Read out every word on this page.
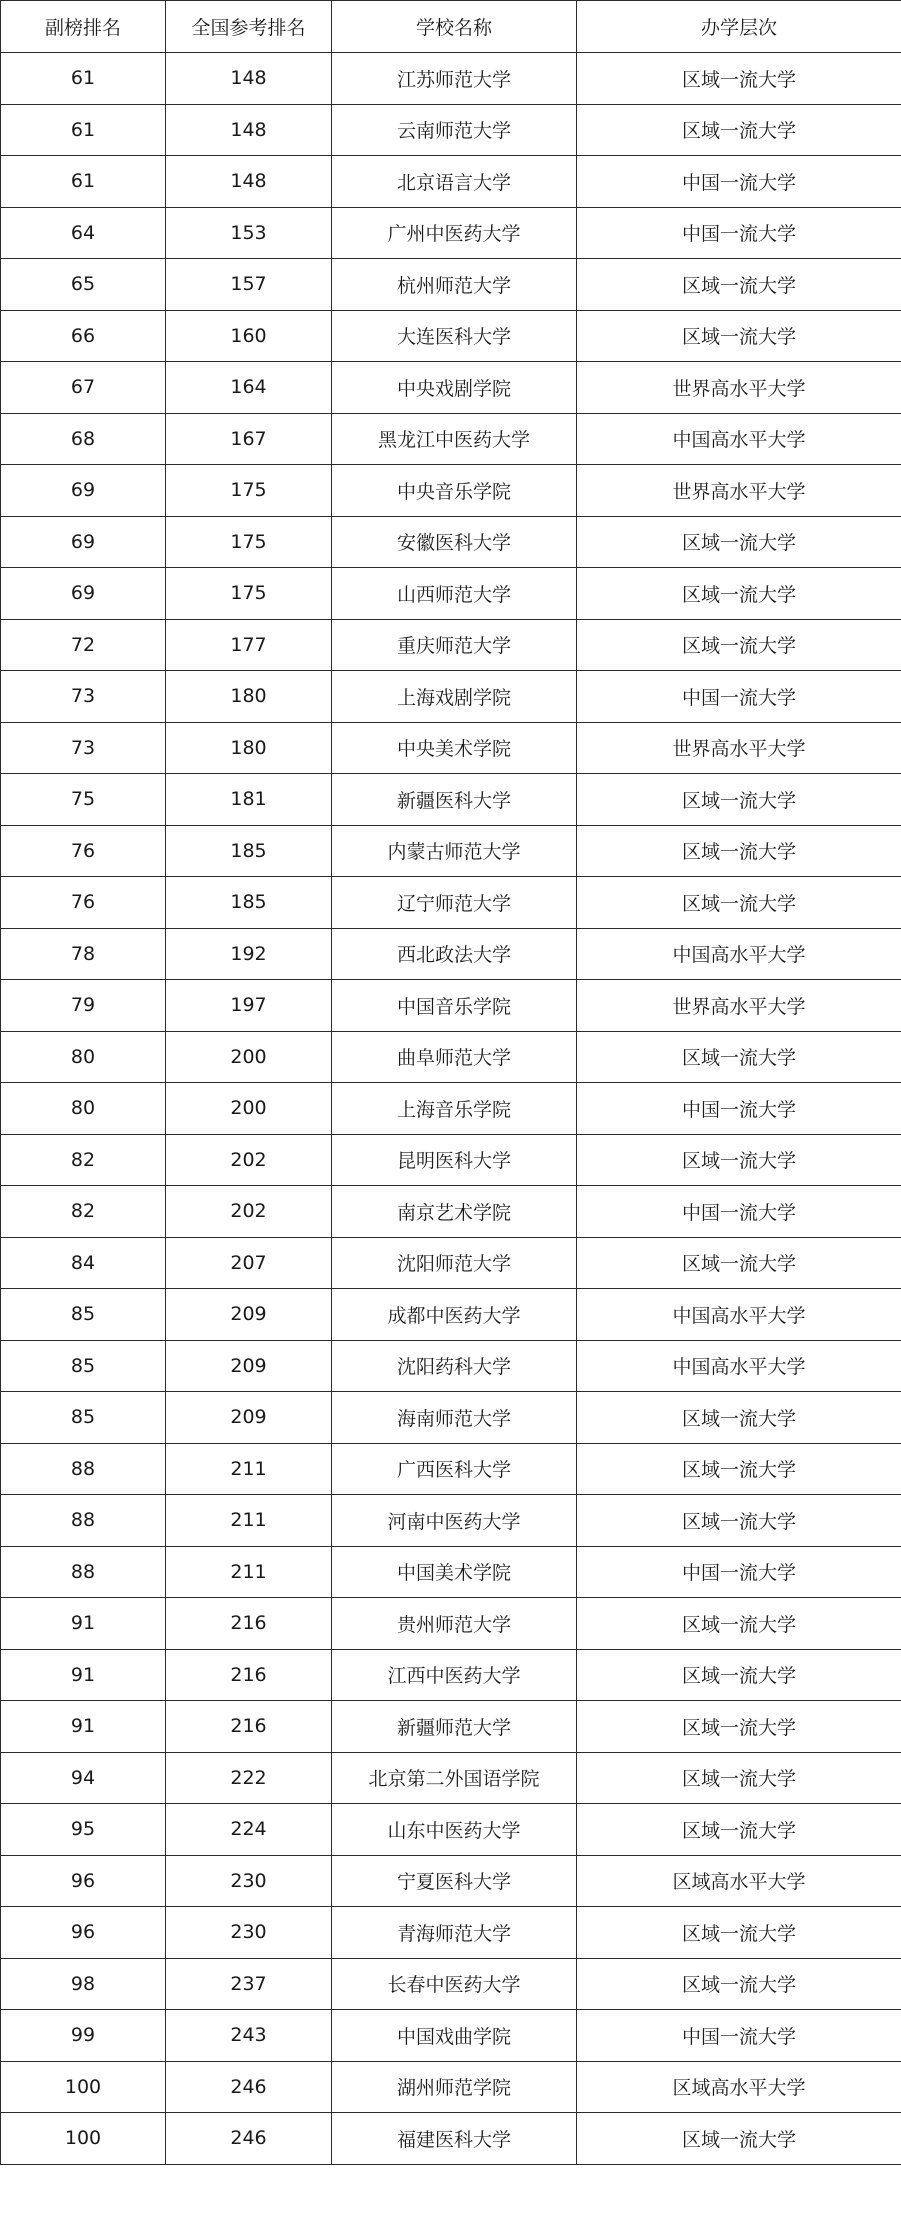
副榜排名	全国参考排名	学校名称	办学层次
61	148	江苏师范大学	区域一流大学
61	148	云南师范大学	区域一流大学
61	148	北京语言大学	中国一流大学
64	153	广州中医药大学	中国一流大学
65	157	杭州师范大学	区域一流大学
66	160	大连医科大学	区域一流大学
67	164	中央戏剧学院	世界高水平大学
68	167	黑龙江中医药大学	中国高水平大学
69	175	中央音乐学院	世界高水平大学
69	175	安徽医科大学	区域一流大学
69	175	山西师范大学	区域一流大学
72	177	重庆师范大学	区域一流大学
73	180	上海戏剧学院	中国一流大学
73	180	中央美术学院	世界高水平大学
75	181	新疆医科大学	区域一流大学
76	185	内蒙古师范大学	区域一流大学
76	185	辽宁师范大学	区域一流大学
78	192	西北政法大学	中国高水平大学
79	197	中国音乐学院	世界高水平大学
80	200	曲阜师范大学	区域一流大学
80	200	上海音乐学院	中国一流大学
82	202	昆明医科大学	区域一流大学
82	202	南京艺术学院	中国一流大学
84	207	沈阳师范大学	区域一流大学
85	209	成都中医药大学	中国高水平大学
85	209	沈阳药科大学	中国高水平大学
85	209	海南师范大学	区域一流大学
88	211	广西医科大学	区域一流大学
88	211	河南中医药大学	区域一流大学
88	211	中国美术学院	中国一流大学
91	216	贵州师范大学	区域一流大学
91	216	江西中医药大学	区域一流大学
91	216	新疆师范大学	区域一流大学
94	222	北京第二外国语学院	区域一流大学
95	224	山东中医药大学	区域一流大学
96	230	宁夏医科大学	区域高水平大学
96	230	青海师范大学	区域一流大学
98	237	长春中医药大学	区域一流大学
99	243	中国戏曲学院	中国一流大学
100	246	湖州师范学院	区域高水平大学
100	246	福建医科大学	区域一流大学
